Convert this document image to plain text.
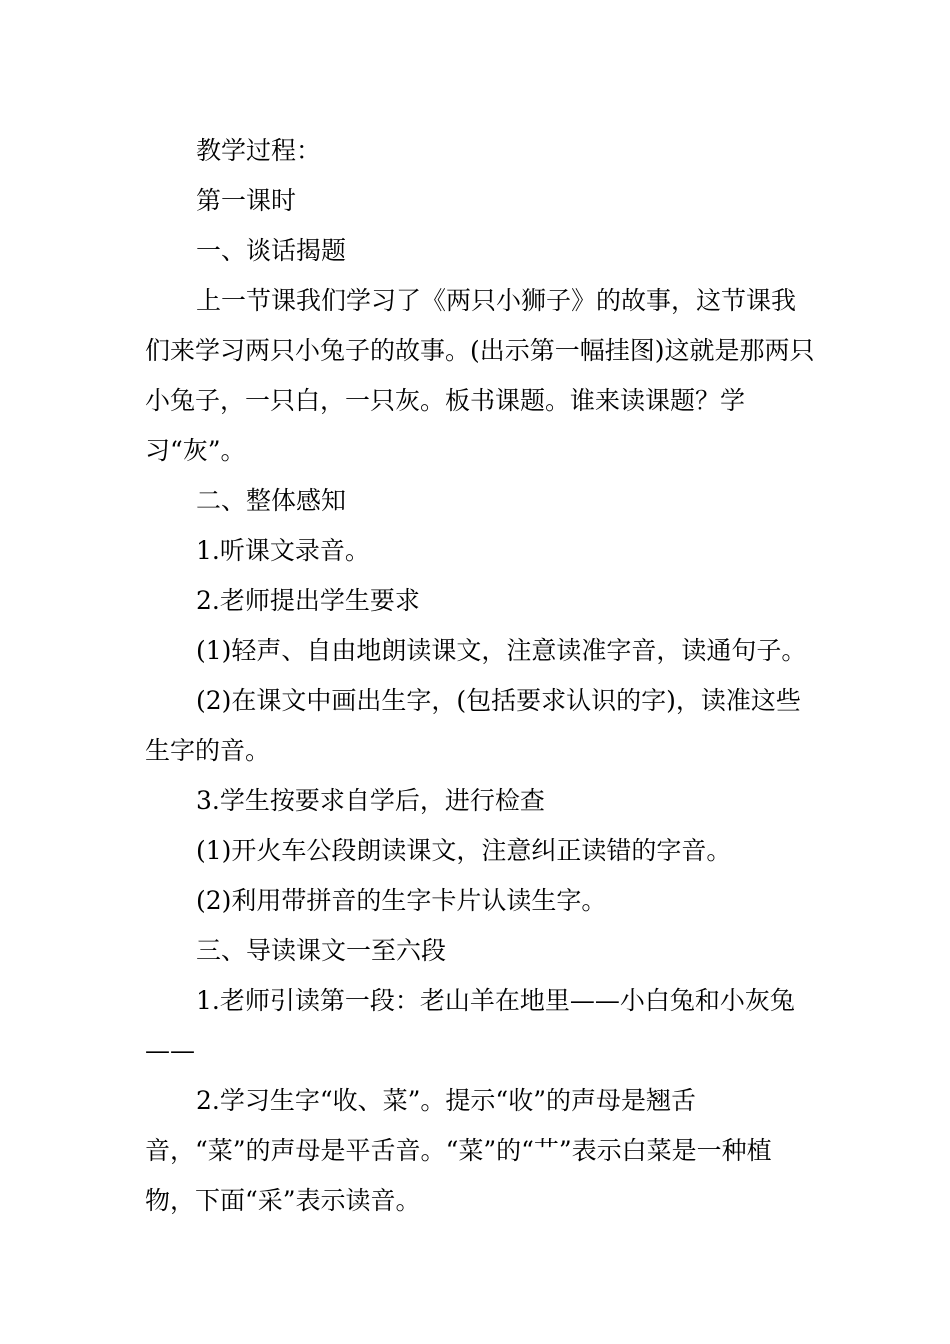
教学过程：

第一课时

一、谈话揭题

上一节课我们学习了《两只小狮子》的故事，这节课我们来学习两只小兔子的故事。(出示第一幅挂图)这就是那两只小兔子，一只白，一只灰。板书课题。谁来读课题？学习“灰”。

二、整体感知

1.听课文录音。

2.老师提出学生要求

(1)轻声、自由地朗读课文，注意读准字音，读通句子。

(2)在课文中画出生字，(包括要求认识的字)，读准这些生字的音。

3.学生按要求自学后，进行检查

(1)开火车公段朗读课文，注意纠正读错的字音。

(2)利用带拼音的生字卡片认读生字。

三、导读课文一至六段

1.老师引读第一段：老山羊在地里——小白兔和小灰兔——

2.学习生字“收、菜”。提示“收”的声母是翘舌音，“菜”的声母是平舌音。“菜”的“艹”表示白菜是一种植物，下面“采”表示读音。
